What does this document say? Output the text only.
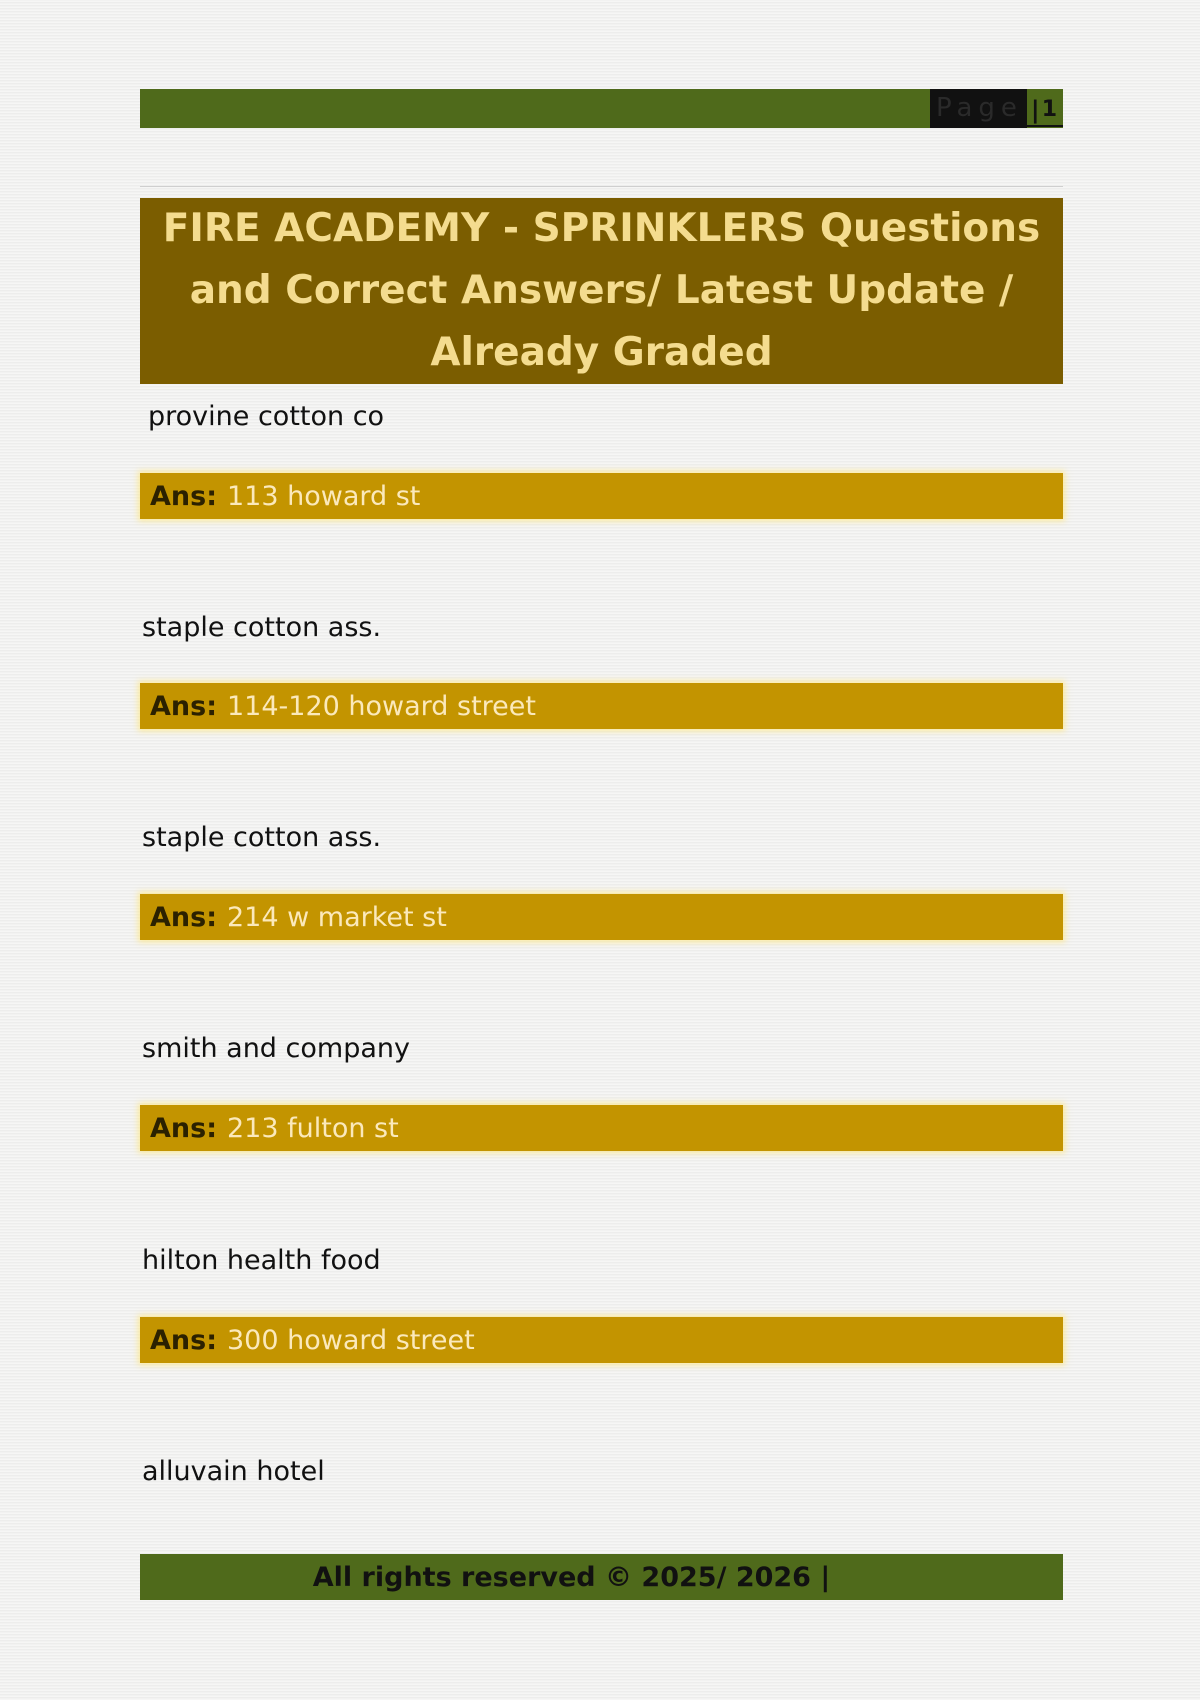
Page | 1
FIRE ACADEMY - SPRINKLERS Questions
and Correct Answers/ Latest Update /
Already Graded
provine cotton co
Ans: 113 howard st
staple cotton ass.
Ans: 114-120 howard street
staple cotton ass.
Ans: 214 w market st
smith and company
Ans: 213 fulton st
hilton health food
Ans: 300 howard street
alluvain hotel
All rights reserved © 2025/ 2026 |
